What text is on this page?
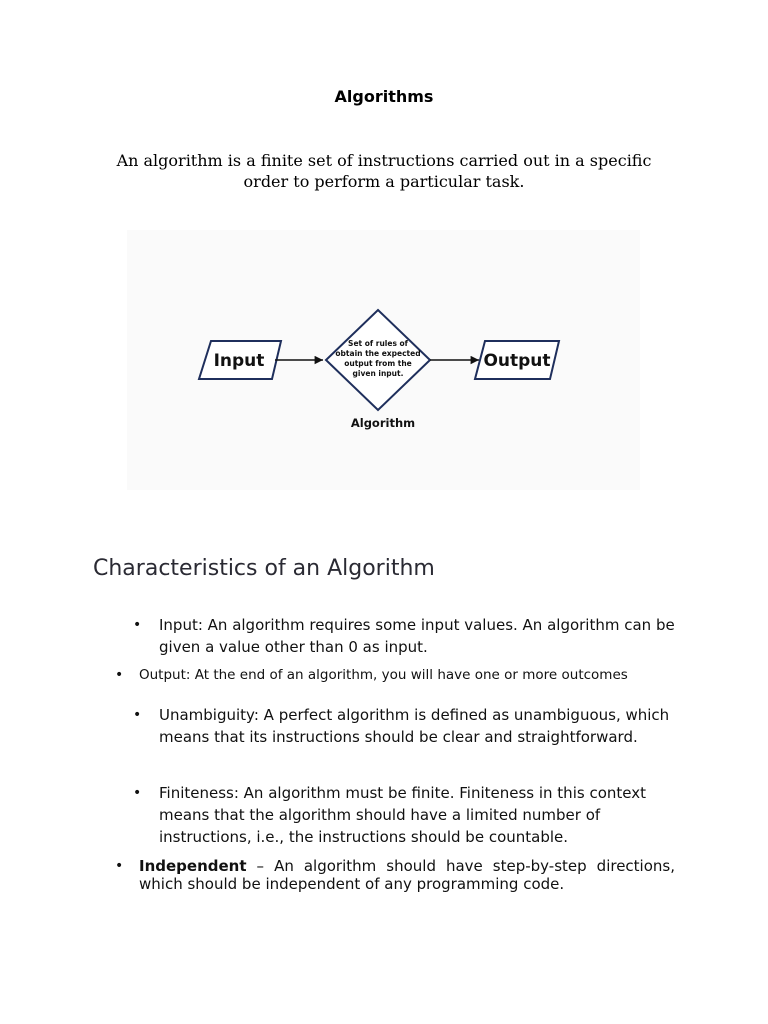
Algorithms
An algorithm is a finite set of instructions carried out in a specific order to perform a particular task.
Input
Set of rules of
obtain the expected
output from the
given input.
Output
Algorithm
Characteristics of an Algorithm
• Input: An algorithm requires some input values. An algorithm can be given a value other than 0 as input.
• Output: At the end of an algorithm, you will have one or more outcomes
• Unambiguity: A perfect algorithm is defined as unambiguous, which means that its instructions should be clear and straightforward.
• Finiteness: An algorithm must be finite. Finiteness in this context means that the algorithm should have a limited number of instructions, i.e., the instructions should be countable.
• Independent – An algorithm should have step-by-step directions, which should be independent of any programming code.
